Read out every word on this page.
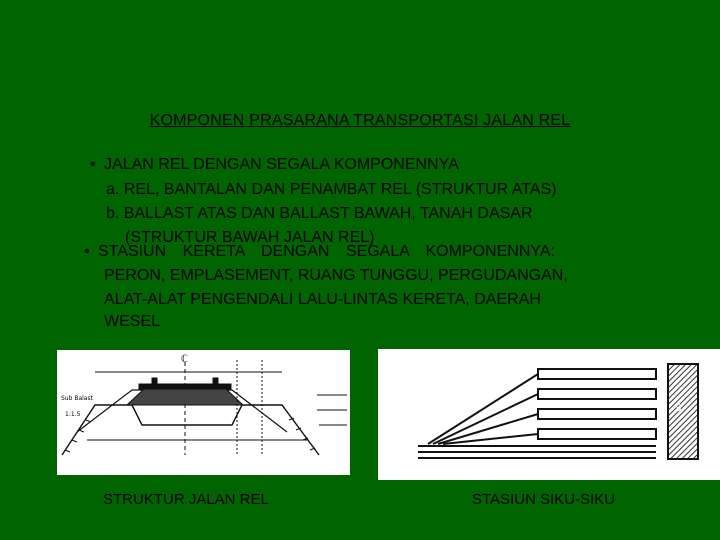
KOMPONEN PRASARANA TRANSPORTASI JALAN REL
• JALAN REL DENGAN SEGALA KOMPONENNYA
a. REL, BANTALAN DAN PENAMBAT REL (STRUKTUR ATAS)
b. BALLAST ATAS DAN BALLAST BAWAH, TANAH DASAR
(STRUKTUR BAWAH JALAN REL)
• STASIUN KERETA DENGAN SEGALA KOMPONENNYA:
PERON, EMPLASEMENT, RUANG TUNGGU, PERGUDANGAN,
ALAT-ALAT PENGENDALI LALU-LINTAS KERETA, DAERAH
WESEL
ℂ
Sub Balast
1:1.5
S
STRUKTUR JALAN REL	STASIUN SIKU-SIKU
